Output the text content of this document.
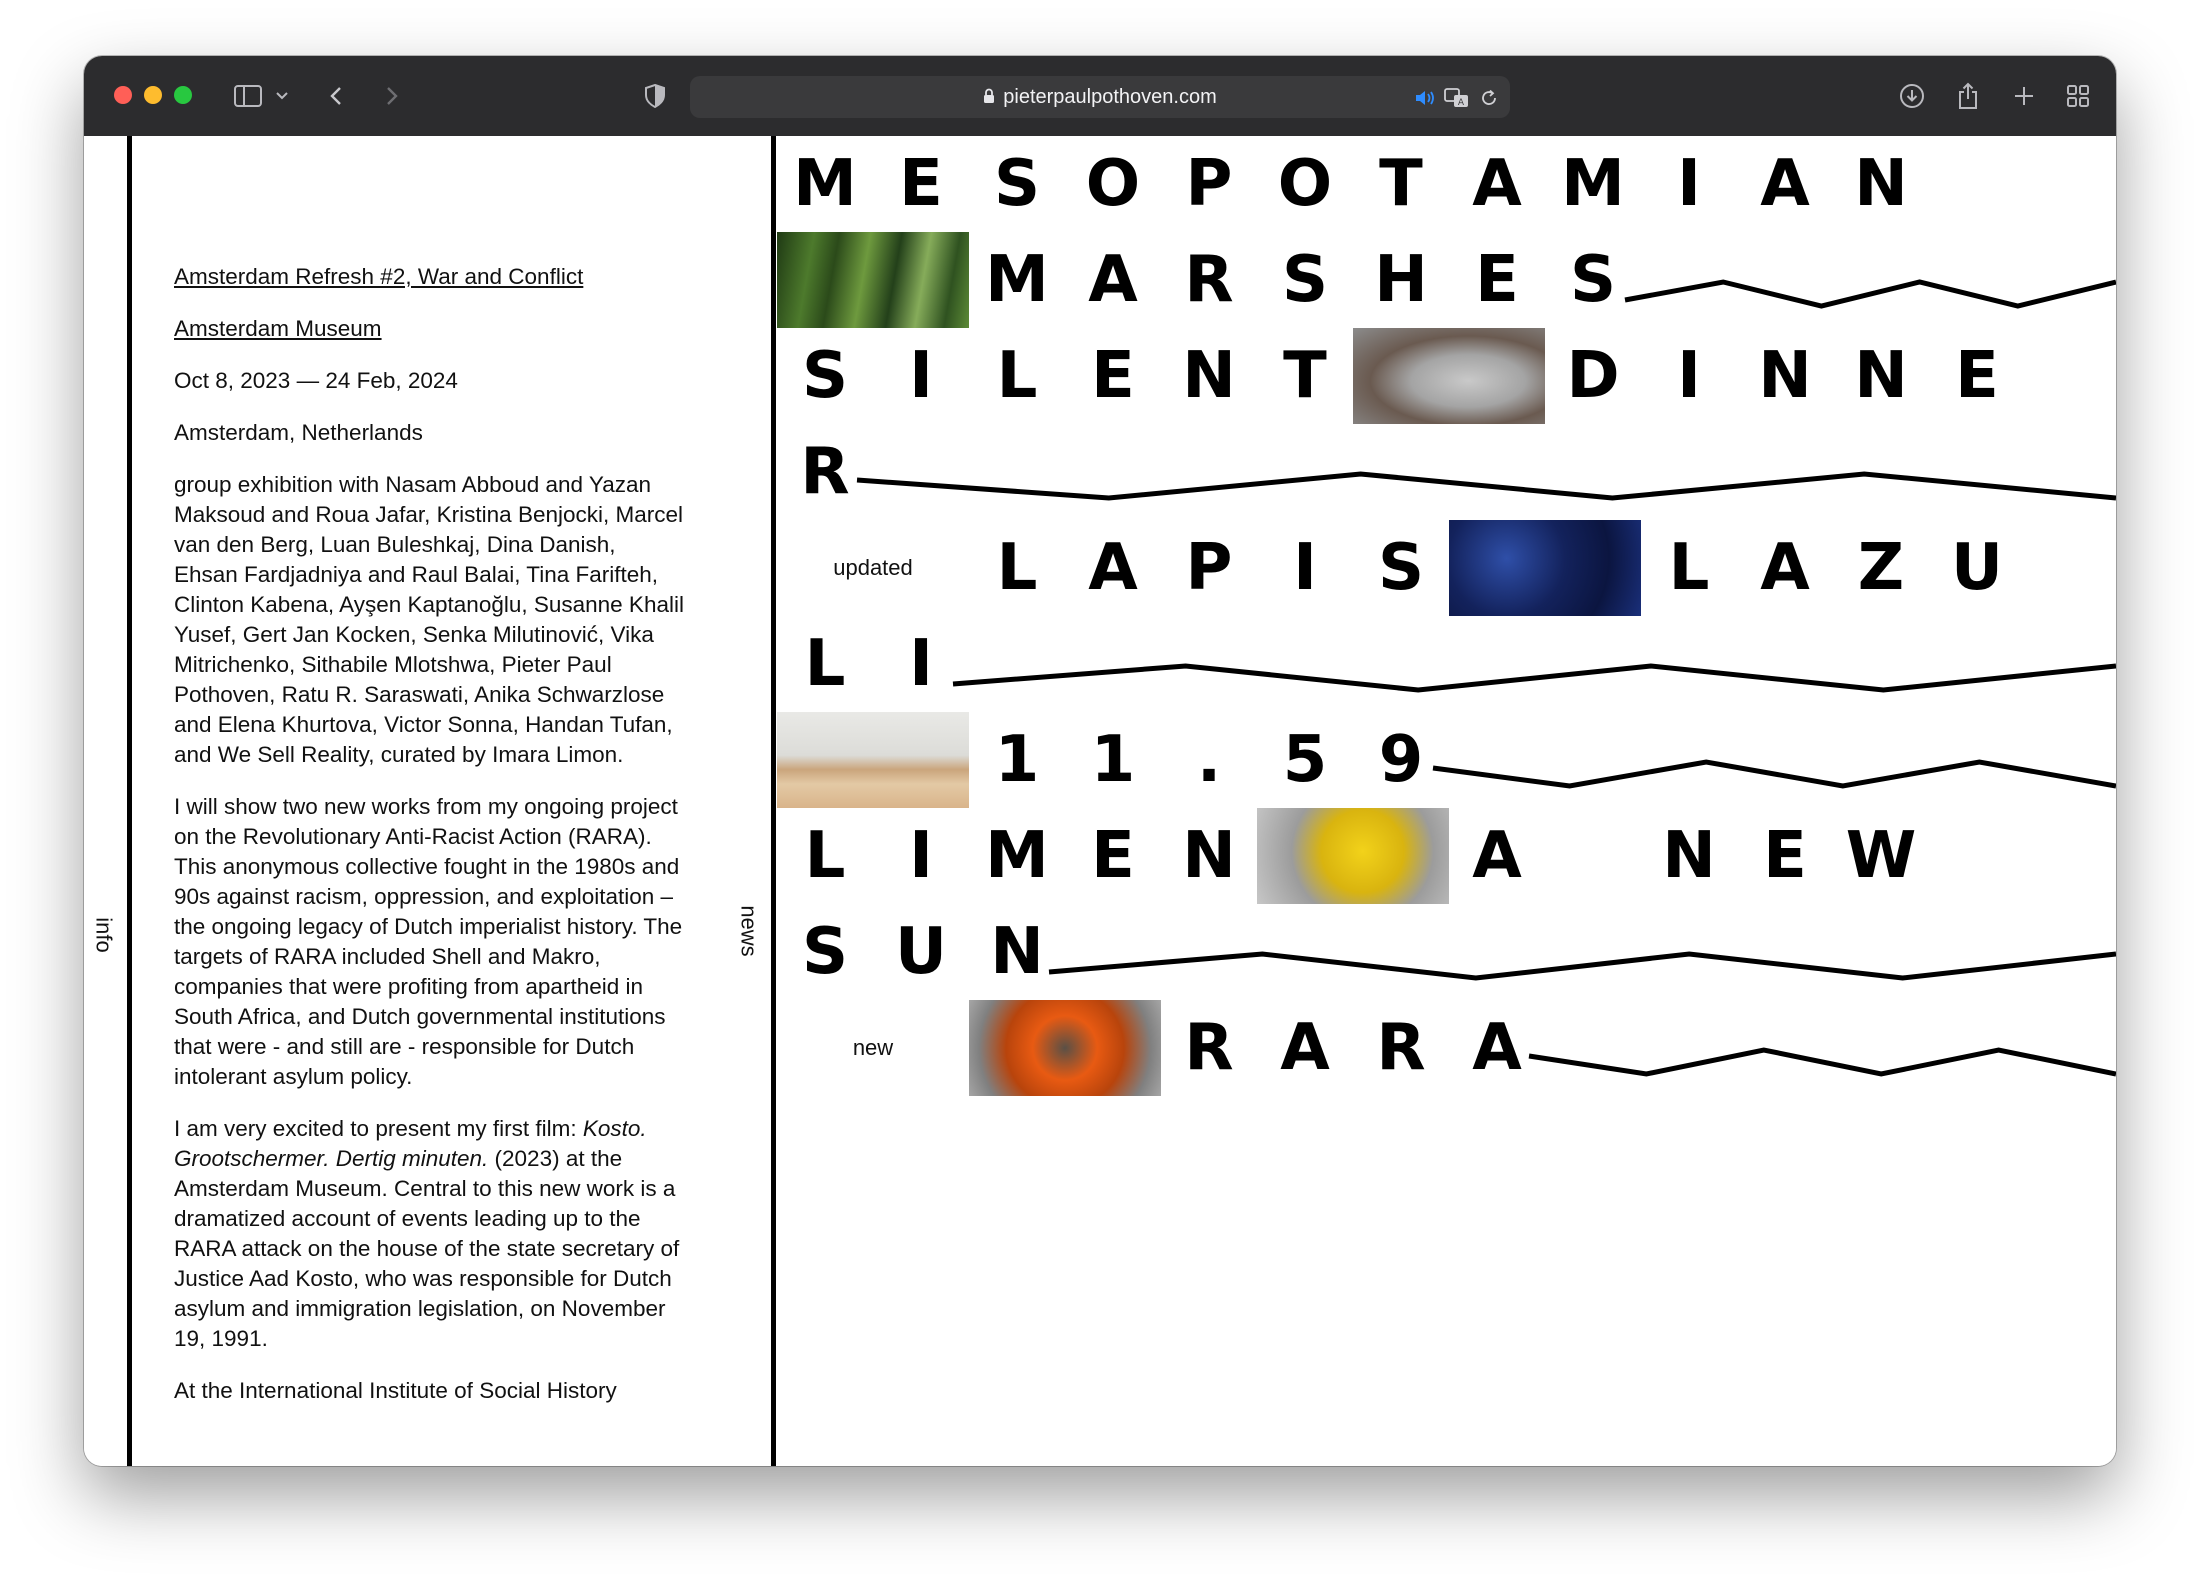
pieterpaulpothoven.com	A
info	news

Amsterdam Refresh #2, War and Conflict

Amsterdam Museum

Oct 8, 2023 — 24 Feb, 2024

Amsterdam, Netherlands

group exhibition with Nasam Abboud and Yazan Maksoud and Roua Jafar, Kristina Benjocki, Marcel van den Berg, Luan Buleshkaj, Dina Danish, Ehsan Fardjadniya and Raul Balai, Tina Farifteh, Clinton Kabena, Ayşen Kaptanoğlu, Susanne Khalil Yusef, Gert Jan Kocken, Senka Milutinović, Vika Mitrichenko, Sithabile Mlotshwa, Pieter Paul Pothoven, Ratu R. Saraswati, Anika Schwarzlose and Elena Khurtova, Victor Sonna, Handan Tufan, and We Sell Reality, curated by Imara Limon.

I will show two new works from my ongoing project on the Revolutionary Anti-Racist Action (RARA). This anonymous collective fought in the 1980s and 90s against racism, oppression, and exploitation – the ongoing legacy of Dutch imperialist history. The targets of RARA included Shell and Makro, companies that were profiting from apartheid in South Africa, and Dutch governmental institutions that were - and still are - responsible for Dutch intolerant asylum policy.

I am very excited to present my first film: Kosto. Grootschermer. Dertig minuten. (2023) at the Amsterdam Museum. Central to this new work is a dramatized account of events leading up to the RARA attack on the house of the state secretary of Justice Aad Kosto, who was responsible for Dutch asylum and immigration legislation, on November 19, 1991.

At the International Institute of Social History

M E S O P O T A M I A N
M A R S H E S
S I L E N T	D I N N E
R
updated	L A P I S	L A Z U
L I
1 1 . 5 9
L I M E N	A	N E W
S U N
new	R A R A
